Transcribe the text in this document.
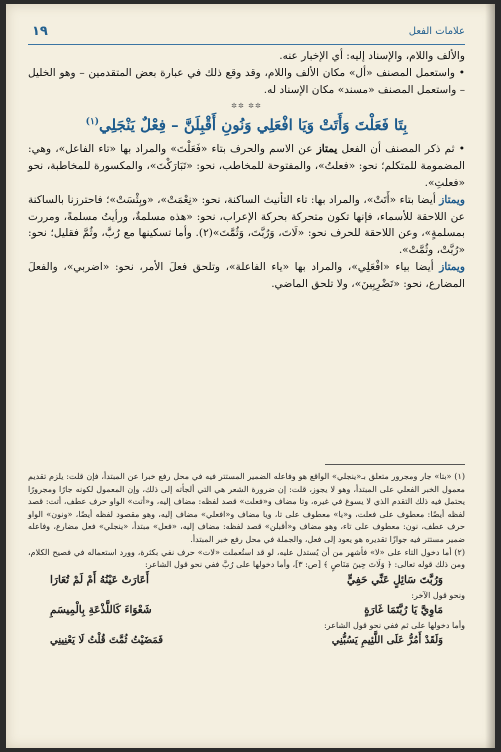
١٩	علامات الفعل

والألف واللام، والإسناد إليه: أي الإخبار عنه.

• واستعمل المصنف «أل» مكان الألف واللام، وقد وقع ذلك في عبارة بعض المتقدمين – وهو الخليل – واستعمل المصنف «مسند» مكان الإسناد له.

✲✲ ✲✲
بِتَا فَعَلْتَ وَأَتَتْ وَيَا افْعَلِي وَنُونِ أَقْبِلَنَّ – فِعْلٌ يَنْجَلِي$^{(١)}$

• ثم ذكر المصنف أن الفعل يمتاز عن الاسم والحرف بتاء «فَعَلْتَ» والمراد بها «تاء الفاعل»، وهي: المضمومة للمتكلم؛ نحو: «فعلتُ»، والمفتوحة للمخاطب، نحو: «تَبَارَكْتَ»، والمكسورة للمخاطبة، نحو «فعلتِ».

ويمتاز أيضا بتاء «أَتَتْ»، والمراد بها: تاء التأنيث الساكنة، نحو: «نِعْمَتْ»، «وبِئْسَتْ»؛ فاحترزنا بالساكنة عن اللاحقة للأسماء، فإنها تكون متحركة بحركة الإعراب، نحو: «هذه مسلمةٌ، ورأيتُ مسلمةً، ومررت بمسلمةٍ»، وعن اللاحقة للحرف نحو: «لَاتَ، وَرُبَّتَ، وَثُمَّتَ»(٢). وأما تسكينها مع رُبَّ، وثُمَّ فقليل؛ نحو: «رُبَّتْ، وثُمَّتْ».

ويمتاز أيضا بياء «افْعَلِي»، والمراد بها «ياء الفاعلة»، وتلحق فعلَ الأمر، نحو: «اضربي»، والفعلَ المضارع، نحو: «تَضْرِبِينَ»، ولا تلحق الماضي.

(١) «بتا» جار ومجرور متعلق بـ«ينجلي» الواقع هو وفاعله الضمير المستتر فيه في محل رفع خبرا عن المبتدأ، فإن قلت: يلزم تقديم معمول الخبر الفعلي على المبتدأ، وهو لا يجوز، قلت: إن ضرورة الشعر هي التي ألجأته إلى ذلك، وإن المعمول لكونه جارًا ومجرورًا يحتمل فيه ذلك التقدم الذي لا يسوغ في غيره، وتا مضاف و«فعلت» قصد لفظه: مضاف إليه، و«أتت» الواو حرف عطف، أتت: قصد لفظه أيضًا: معطوف على فعلت، و«يا» معطوف على تا، ويا مضاف و«افعلي» مضاف إليه، وهو مقصود لفظه أيضًا، «ونون» الواو حرف عطف، نون: معطوف على تاء، وهو مضاف و«أقبلن» قصد لفظه: مضاف إليه، «فعل» مبتدأ، «ينجلي» فعل مضارع، وفاعله ضمير مستتر فيه جوازًا تقديره هو يعود إلى فعل، والجملة في محل رفع خبر المبتدأ.

(٢) أما دخول التاء على «لا» فأشهر من أن يُستدل عليه، لو قد استُعملت «لات» حرف نفي بكثرة، وورد استعماله في فصيح الكلام، ومن ذلك قوله تعالى: ﴿ وَلَاتَ حِينَ مَنَاصٍ ﴾ [ص: ٣]، وأما دخولها على رُبَّ ففي نحو قول الشاعر:

وَرُبَّتَ سَائِلٍ عَنِّي حَفِيٍّ
أَعَارَتْ عَيْنُهُ أَمْ لَمْ تُعَارَا

ونحو قول الآخر:

مَاوِيَّ يَا رُبَّتَمَا غَارَةٍ
شَعْوَاءَ كَاللَّذْعَةِ بِالْمِيسَمِ

وأما دخولها على ثم ففي نحو قول الشاعر:

وَلَقَدْ أَمُرُّ عَلَى اللَّئِيمِ يَسُبُّنِي
فَمَضَيْتُ ثُمَّتَ قُلْتُ لَا يَعْنِينِي
